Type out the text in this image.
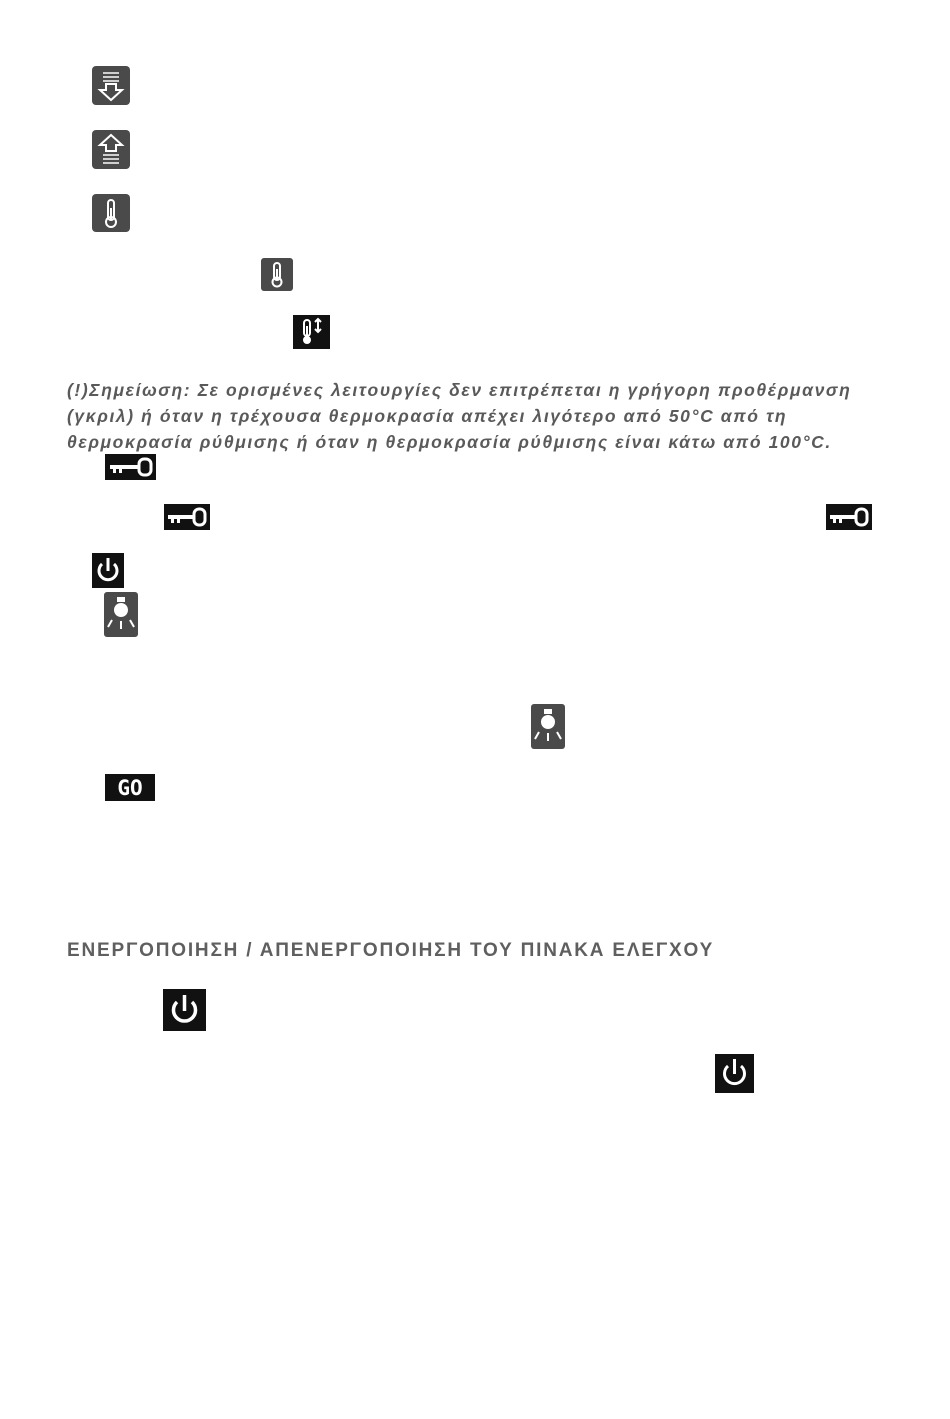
(!)Σημείωση: Σε ορισμένες λειτουργίες δεν επιτρέπεται η γρήγορη προθέρμανση (γκριλ) ή όταν η τρέχουσα θερμοκρασία απέχει λιγότερο από 50°C από τη θερμοκρασία ρύθμισης ή όταν η θερμοκρασία ρύθμισης είναι κάτω από 100°C.

GO
ΕΝΕΡΓΟΠΟΙΗΣΗ / ΑΠΕΝΕΡΓΟΠΟΙΗΣΗ ΤΟΥ ΠΙΝΑΚΑ ΕΛΕΓΧΟΥ
